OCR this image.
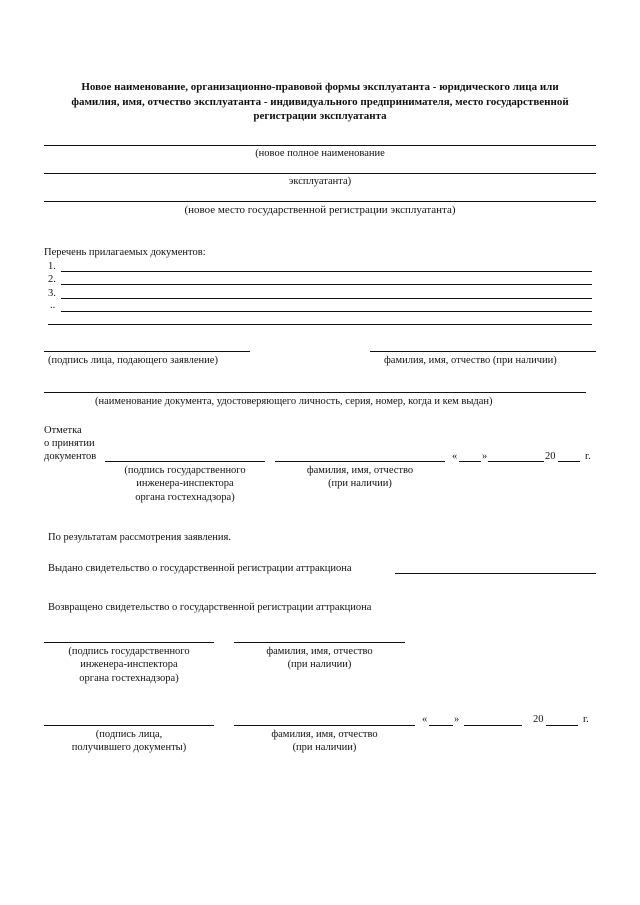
Новое наименование, организационно-правовой формы эксплуатанта - юридического лица или
фамилия, имя, отчество эксплуатанта - индивидуального предпринимателя, место государственной
регистрации эксплуатанта
(новое полное наименование
эксплуатанта)
(новое место государственной регистрации эксплуатанта)
Перечень прилагаемых документов:
1.
2.
3.
..
(подпись лица, подающего заявление)	фамилия, имя, отчество (при наличии)
(наименование документа, удостоверяющего личность, серия, номер, когда и кем выдан)
Отметка
о принятии
документов	« »	20	г.
(подпись государственного
инженера-инспектора
органа гостехнадзора)
фамилия, имя, отчество
(при наличии)
По результатам рассмотрения заявления.
Выдано свидетельство о государственной регистрации аттракциона
Возвращено свидетельство о государственной регистрации аттракциона
(подпись государственного
инженера-инспектора
органа гостехнадзора)
фамилия, имя, отчество
(при наличии)
«	»	20	г.
(подпись лица,
получившего документы)
фамилия, имя, отчество
(при наличии)
